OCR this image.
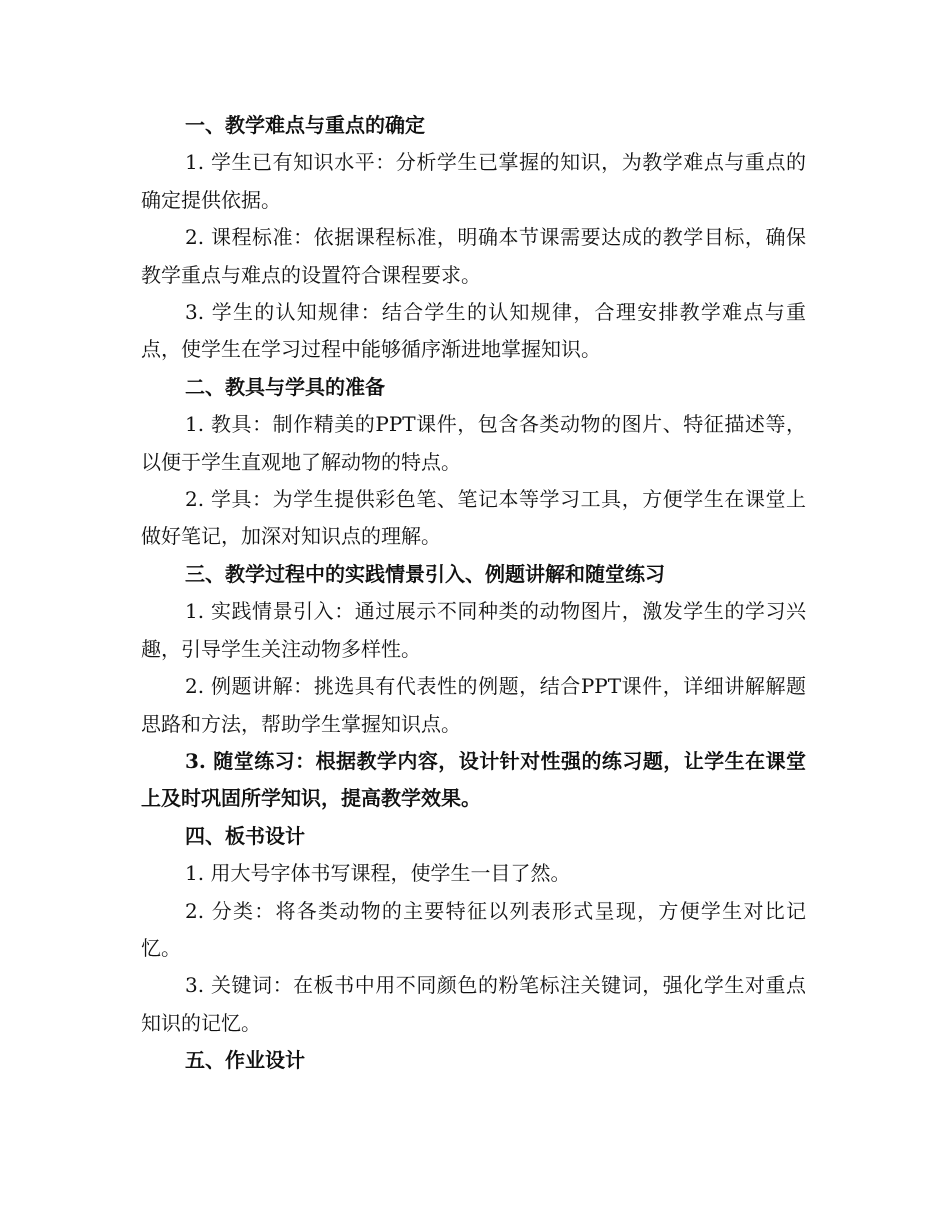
一、教学难点与重点的确定

1. 学生已有知识水平：分析学生已掌握的知识，为教学难点与重点的确定提供依据。

2. 课程标准：依据课程标准，明确本节课需要达成的教学目标，确保教学重点与难点的设置符合课程要求。

3. 学生的认知规律：结合学生的认知规律，合理安排教学难点与重点，使学生在学习过程中能够循序渐进地掌握知识。

二、教具与学具的准备

1. 教具：制作精美的PPT课件，包含各类动物的图片、特征描述等，以便于学生直观地了解动物的特点。

2. 学具：为学生提供彩色笔、笔记本等学习工具，方便学生在课堂上做好笔记，加深对知识点的理解。

三、教学过程中的实践情景引入、例题讲解和随堂练习

1. 实践情景引入：通过展示不同种类的动物图片，激发学生的学习兴趣，引导学生关注动物多样性。

2. 例题讲解：挑选具有代表性的例题，结合PPT课件，详细讲解解题思路和方法，帮助学生掌握知识点。

3. 随堂练习：根据教学内容，设计针对性强的练习题，让学生在课堂上及时巩固所学知识，提高教学效果。

四、板书设计

1. 用大号字体书写课程，使学生一目了然。

2. 分类：将各类动物的主要特征以列表形式呈现，方便学生对比记忆。

3. 关键词：在板书中用不同颜色的粉笔标注关键词，强化学生对重点知识的记忆。

五、作业设计
